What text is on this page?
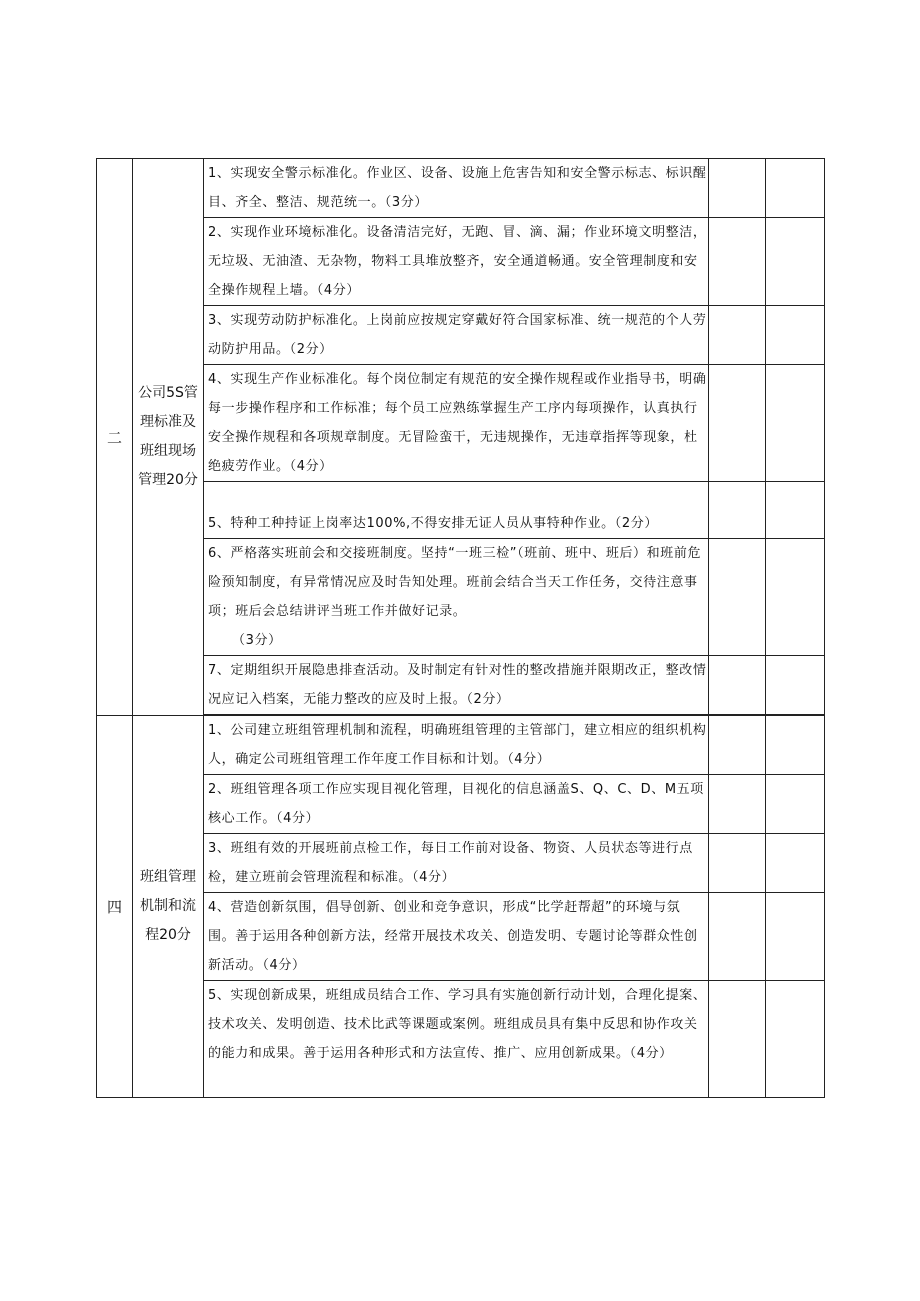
二	公司5S管理标准及班组现场管理20分	1、实现安全警示标准化。作业区、设备、设施上危害告知和安全警示标志、标识醒目、齐全、整洁、规范统一。（3分）		
		2、实现作业环境标准化。设备清洁完好，无跑、冒、滴、漏；作业环境文明整洁，无垃圾、无油渣、无杂物，物料工具堆放整齐，安全通道畅通。安全管理制度和安全操作规程上墙。（4分）		
		3、实现劳动防护标准化。上岗前应按规定穿戴好符合国家标准、统一规范的个人劳动防护用品。（2分）		
		4、实现生产作业标准化。每个岗位制定有规范的安全操作规程或作业指导书，明确每一步操作程序和工作标准；每个员工应熟练掌握生产工序内每项操作，认真执行安全操作规程和各项规章制度。无冒险蛮干，无违规操作，无违章指挥等现象，杜绝疲劳作业。（4分）		
		5、特种工种持证上岗率达100%,不得安排无证人员从事特种作业。（2分）		

		6、严格落实班前会和交接班制度。坚持“一班三检”（班前、班中、班后）和班前危险预知制度，有异常情况应及时告知处理。班前会结合当天工作任务，交待注意事项；班后会总结讲评当班工作并做好记录。
（3分）		

		7、定期组织开展隐患排查活动。及时制定有针对性的整改措施并限期改正，整改情况应记入档案，无能力整改的应及时上报。（2分）		

四	班组管理机制和流程20分	1、公司建立班组管理机制和流程，明确班组管理的主管部门，建立相应的组织机构人，确定公司班组管理工作年度工作目标和计划。（4分）		
		2、班组管理各项工作应实现目视化管理，目视化的信息涵盖S、Q、C、D、M五项核心工作。（4分）		
		3、班组有效的开展班前点检工作，每日工作前对设备、物资、人员状态等进行点检，建立班前会管理流程和标准。（4分）		
		4、营造创新氛围，倡导创新、创业和竞争意识，形成“比学赶帮超”的环境与氛围。善于运用各种创新方法，经常开展技术攻关、创造发明、专题讨论等群众性创新活动。（4分）		
		5、实现创新成果，班组成员结合工作、学习具有实施创新行动计划，合理化提案、技术攻关、发明创造、技术比武等课题或案例。班组成员具有集中反思和协作攻关的能力和成果。善于运用各种形式和方法宣传、推广、应用创新成果。（4分）		
